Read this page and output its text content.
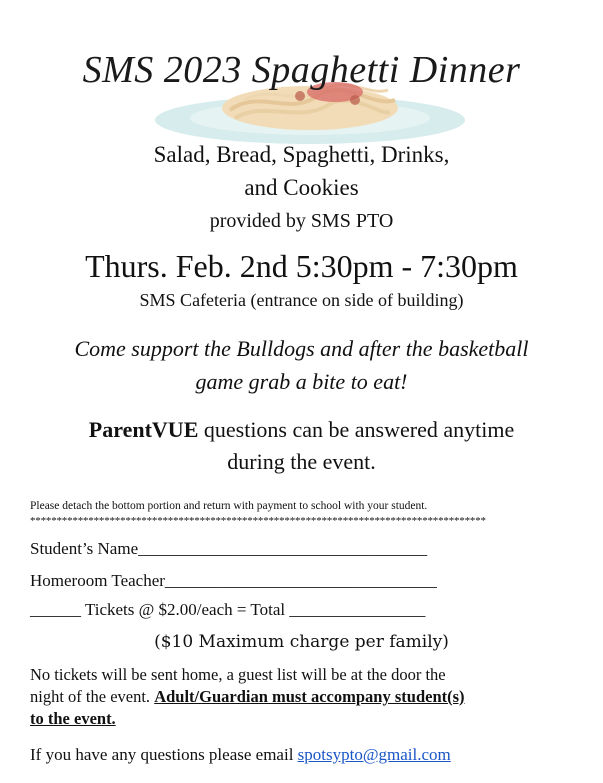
SMS 2023 Spaghetti Dinner
Salad, Bread, Spaghetti, Drinks,
and Cookies
provided by SMS PTO
Thurs. Feb. 2nd 5:30pm - 7:30pm
SMS Cafeteria (entrance on side of building)
Come support the Bulldogs and after the basketball
game grab a bite to eat!
ParentVUE questions can be answered anytime
during the event.
Please detach the bottom portion and return with payment to school with your student.
**************************************************************************************
Student’s Name__________________________________
Homeroom Teacher________________________________
______ Tickets @ $2.00/each = Total ________________
($10 Maximum charge per family)
No tickets will be sent home, a guest list will be at the door the
night of the event. Adult/Guardian must accompany student(s)
to the event.
If you have any questions please email spotsypto@gmail.com
